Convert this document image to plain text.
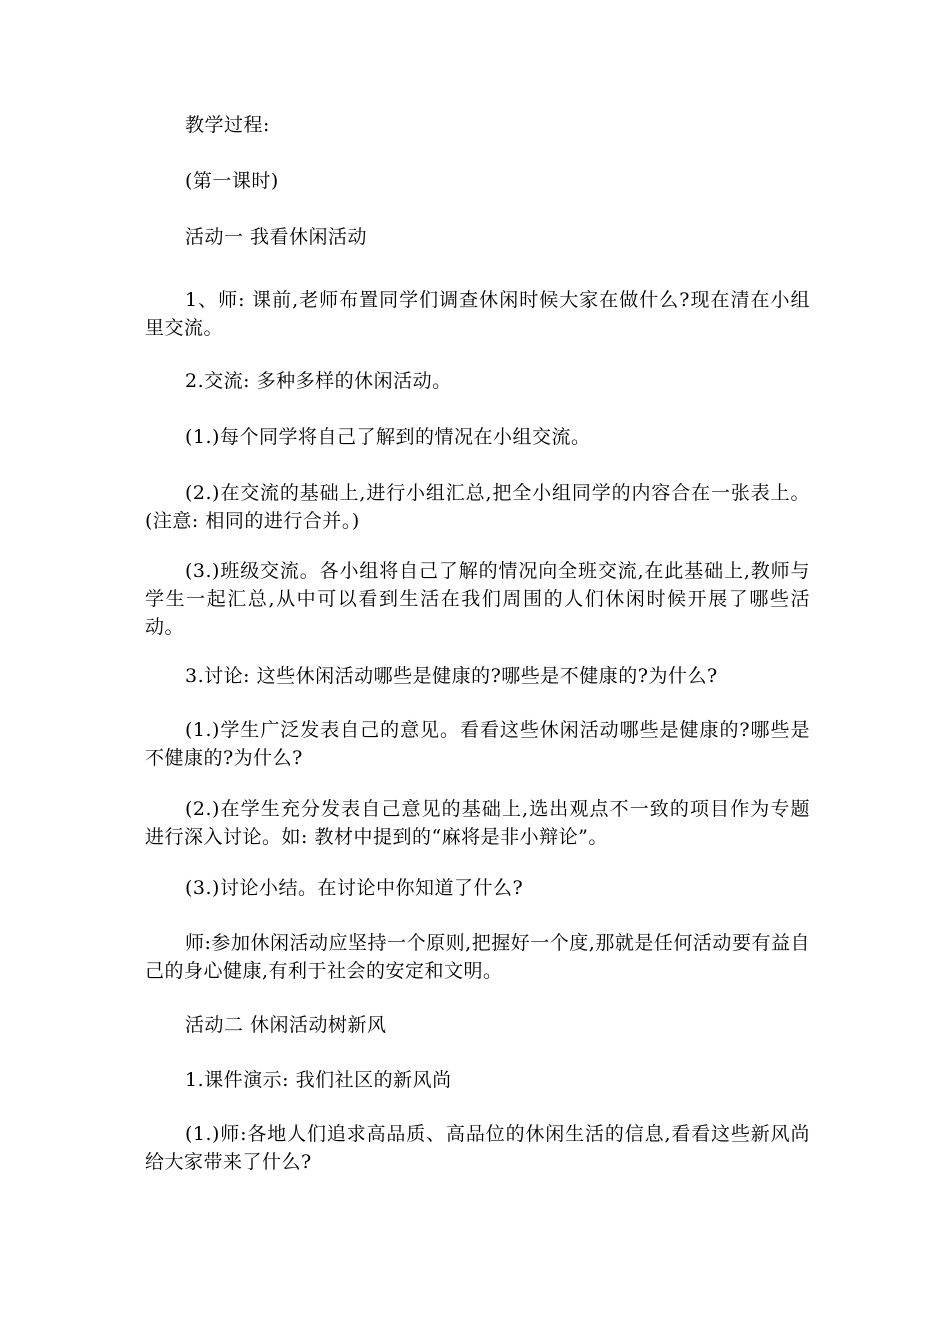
教学过程:

(第一课时)

活动一 我看休闲活动

1、师: 课前,老师布置同学们调查休闲时候大家在做什么?现在清在小组里交流。

2.交流: 多种多样的休闲活动。

(1.)每个同学将自己了解到的情况在小组交流。

(2.)在交流的基础上,进行小组汇总,把全小组同学的内容合在一张表上。(注意: 相同的进行合并。)

(3.)班级交流。各小组将自己了解的情况向全班交流,在此基础上,教师与学生一起汇总,从中可以看到生活在我们周围的人们休闲时候开展了哪些活动。

3.讨论: 这些休闲活动哪些是健康的?哪些是不健康的?为什么?

(1.)学生广泛发表自己的意见。看看这些休闲活动哪些是健康的?哪些是不健康的?为什么?

(2.)在学生充分发表自己意见的基础上,选出观点不一致的项目作为专题进行深入讨论。如: 教材中提到的“麻将是非小辩论”。

(3.)讨论小结。在讨论中你知道了什么?

师:参加休闲活动应坚持一个原则,把握好一个度,那就是任何活动要有益自己的身心健康,有利于社会的安定和文明。

活动二 休闲活动树新风

1.课件演示: 我们社区的新风尚

(1.)师:各地人们追求高品质、高品位的休闲生活的信息,看看这些新风尚给大家带来了什么?
